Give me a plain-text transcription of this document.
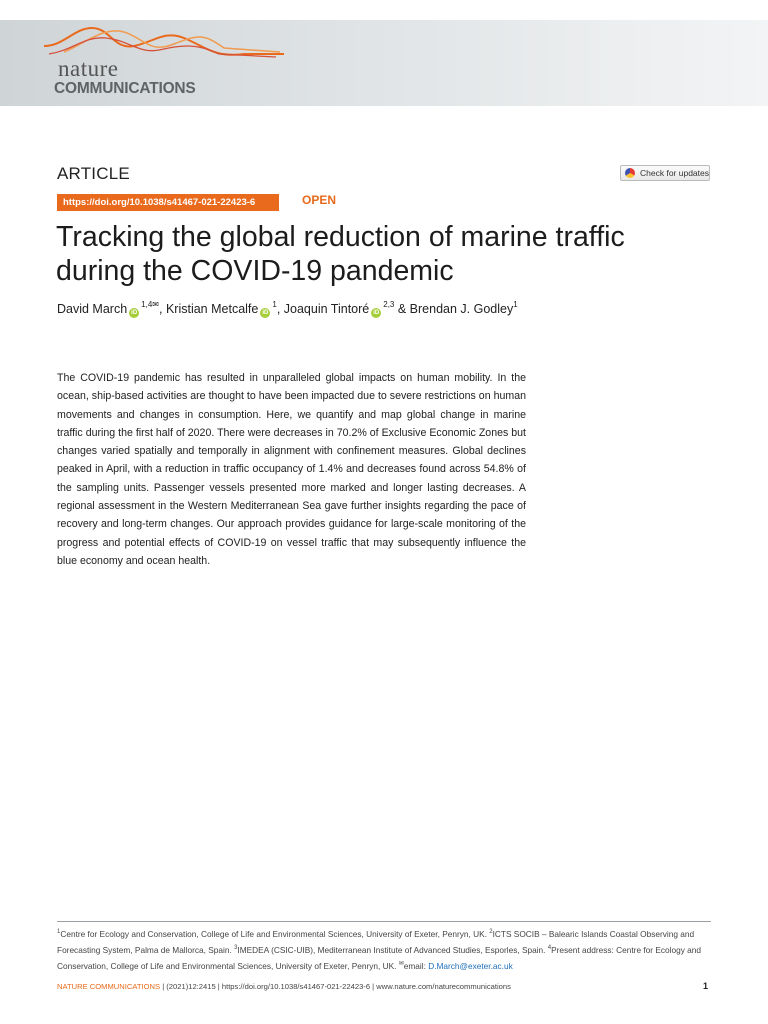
nature
COMMUNICATIONS
ARTICLE	Check for updates
https://doi.org/10.1038/s41467-021-22423-6	OPEN
Tracking the global reduction of marine traffic during the COVID-19 pandemic
David March $iD^{1,4✉}$, Kristian Metcalfe $iD^1$, Joaquin Tintoré iD$^{2,3}$ & Brendan J. Godley$^1$

The COVID-19 pandemic has resulted in unparalleled global impacts on human mobility. In the ocean, ship-based activities are thought to have been impacted due to severe restrictions on human movements and changes in consumption. Here, we quantify and map global change in marine traffic during the first half of 2020. There were decreases in 70.2% of Exclusive Economic Zones but changes varied spatially and temporally in alignment with confinement measures. Global declines peaked in April, with a reduction in traffic occupancy of 1.4% and decreases found across 54.8% of the sampling units. Passenger vessels presented more marked and longer lasting decreases. A regional assessment in the Western Mediterranean Sea gave further insights regarding the pace of recovery and long-term changes. Our approach provides guidance for large-scale monitoring of the progress and potential effects of COVID-19 on vessel traffic that may subsequently influence the blue economy and ocean health.

$^1$Centre for Ecology and Conservation, College of Life and Environmental Sciences, University of Exeter, Penryn, UK. $^2$ICTS SOCIB – Balearic Islands Coastal Observing and Forecasting System, Palma de Mallorca, Spain. $^3$IMEDEA (CSIC-UIB), Mediterranean Institute of Advanced Studies, Esporles, Spain. $^4$Present address: Centre for Ecology and Conservation, College of Life and Environmental Sciences, University of Exeter, Penryn, UK. ✉email: D.March@exeter.ac.uk

NATURE COMMUNICATIONS | (2021)12:2415 | https://doi.org/10.1038/s41467-021-22423-6 | www.nature.com/naturecommunications	1
